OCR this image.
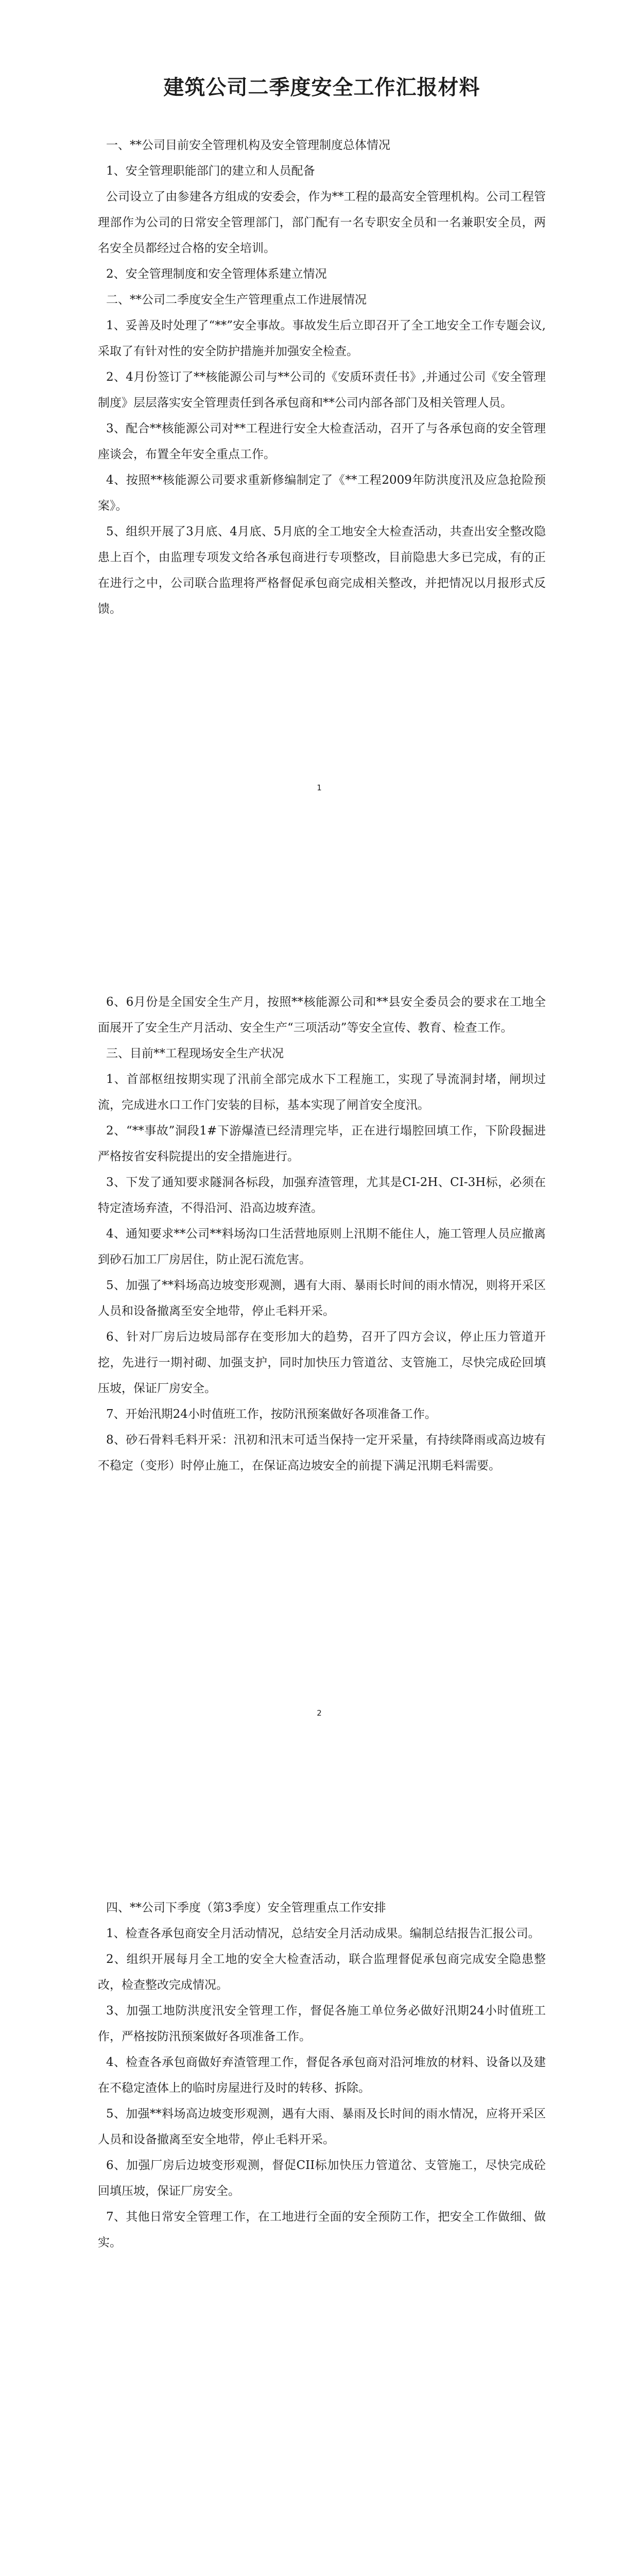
建筑公司二季度安全工作汇报材料

一、**公司目前安全管理机构及安全管理制度总体情况

1、安全管理职能部门的建立和人员配备

公司设立了由参建各方组成的安委会，作为**工程的最高安全管理机构。公司工程管理部作为公司的日常安全管理部门，部门配有一名专职安全员和一名兼职安全员，两名安全员都经过合格的安全培训。

2、安全管理制度和安全管理体系建立情况

二、**公司二季度安全生产管理重点工作进展情况

1、妥善及时处理了“**”安全事故。事故发生后立即召开了全工地安全工作专题会议,采取了有针对性的安全防护措施并加强安全检查。

2、4月份签订了**核能源公司与**公司的《安质环责任书》,并通过公司《安全管理制度》层层落实安全管理责任到各承包商和**公司内部各部门及相关管理人员。

3、配合**核能源公司对**工程进行安全大检查活动，召开了与各承包商的安全管理座谈会，布置全年安全重点工作。

4、按照**核能源公司要求重新修编制定了《**工程2009年防洪度汛及应急抢险预案》。

5、组织开展了3月底、4月底、5月底的全工地安全大检查活动，共查出安全整改隐患上百个，由监理专项发文给各承包商进行专项整改，目前隐患大多已完成，有的正在进行之中，公司联合监理将严格督促承包商完成相关整改，并把情况以月报形式反馈。

1

6、6月份是全国安全生产月，按照**核能源公司和**县安全委员会的要求在工地全面展开了安全生产月活动、安全生产“三项活动”等安全宣传、教育、检查工作。

三、目前**工程现场安全生产状况

1、首部枢纽按期实现了汛前全部完成水下工程施工，实现了导流洞封堵，闸坝过流，完成进水口工作门安装的目标，基本实现了闸首安全度汛。

2、“**事故”洞段1#下游爆渣已经清理完毕，正在进行塌腔回填工作，下阶段掘进严格按省安科院提出的安全措施进行。

3、下发了通知要求隧洞各标段，加强弃渣管理，尤其是CI-2H、CI-3H标，必须在特定渣场弃渣，不得沿河、沿高边坡弃渣。

4、通知要求**公司**料场沟口生活营地原则上汛期不能住人，施工管理人员应撤离到砂石加工厂房居住，防止泥石流危害。

5、加强了**料场高边坡变形观测，遇有大雨、暴雨长时间的雨水情况，则将开采区人员和设备撤离至安全地带，停止毛料开采。

6、针对厂房后边坡局部存在变形加大的趋势，召开了四方会议，停止压力管道开挖，先进行一期衬砌、加强支护，同时加快压力管道岔、支管施工，尽快完成砼回填压坡，保证厂房安全。

7、开始汛期24小时值班工作，按防汛预案做好各项准备工作。

8、砂石骨料毛料开采：汛初和汛末可适当保持一定开采量，有持续降雨或高边坡有不稳定（变形）时停止施工，在保证高边坡安全的前提下满足汛期毛料需要。

2

四、**公司下季度（第3季度）安全管理重点工作安排

1、检查各承包商安全月活动情况，总结安全月活动成果。编制总结报告汇报公司。

2、组织开展每月全工地的安全大检查活动，联合监理督促承包商完成安全隐患整改，检查整改完成情况。

3、加强工地防洪度汛安全管理工作，督促各施工单位务必做好汛期24小时值班工作，严格按防汛预案做好各项准备工作。

4、检查各承包商做好弃渣管理工作，督促各承包商对沿河堆放的材料、设备以及建在不稳定渣体上的临时房屋进行及时的转移、拆除。

5、加强**料场高边坡变形观测，遇有大雨、暴雨及长时间的雨水情况，应将开采区人员和设备撤离至安全地带，停止毛料开采。

6、加强厂房后边坡变形观测，督促CII标加快压力管道岔、支管施工，尽快完成砼回填压坡，保证厂房安全。

7、其他日常安全管理工作，在工地进行全面的安全预防工作，把安全工作做细、做实。
